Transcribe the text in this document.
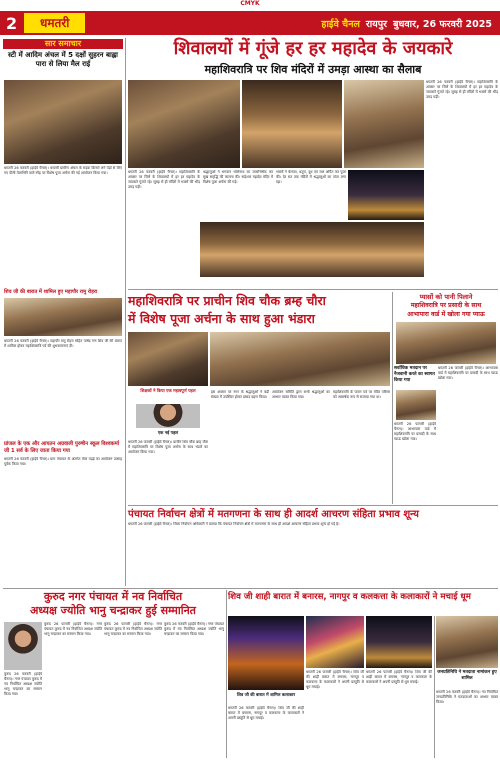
CMYK
2	धमतरी	हाईवे चैनल रायपुर बुधवार, 26 फरवरी 2025
सार समाचार
स्टी में आदिम अंचल में 5 दक्षों सुहरन बाह्ला पारा से लिया मैल राई
धमतरी 26 फरवरी (हाईवे चैनल)। धमतरी ग्रामीण अंचल के सड़क किनारे लगे पेड़ों से लिए गए पीली तेलाभिरि वाले स्नेह पर विशेष पूजा अर्चना की गई आयोजन किया गया।
शिव जी की बारात में शामिल हुए महापौर रामु रोहरा
धमतरी 26 फरवरी (हाईवे चैनल)। महापौर रामु रोहरा सहित पार्षद गण शिव जी की बारात में शामिल होकर महाशिवरात्रि पर्व की शुभकामनाएं दी।
प्रांजल के एक और आयतन अग्रवाली पुरुषीन स्कूल विश्वकर्मा जी 1 सर्व के लिए जाता किया गया
धमतरी 26 फरवरी (हाईवे चैनल)। ग्राम पंचायत के अंतर्गत मेला मढ़ई का आयोजन उत्साह पूर्वक किया गया।
शिवालयों में गूंजे हर हर महादेव के जयकारे
महाशिवरात्रि पर शिव मंदिरों में उमड़ा आस्था का सैलाब
धमतरी 26 फरवरी (हाईवे चैनल)। महाशिवरात्रि के अवसर पर जिले के शिवालयों में हर हर महादेव के जयकारे गूंजते रहे। सुबह से ही मंदिरों में भक्तों की भीड़ उमड़ पड़ी।
श्रद्धालुओं ने भगवान भोलेनाथ का जलाभिषेक कर सुख समृद्धि की कामना की। रूद्रेश्वर महादेव मंदिर में विशेष पूजा अर्चना की गई।
भक्तों ने बेलपत्र, धतूरा, दूध एवं जल अर्पित कर पूजा की। देर रात तक मंदिरों में श्रद्धालुओं का तांता लगा रहा।
धमतरी 26 फरवरी (हाईवे चैनल)। महाशिवरात्रि के अवसर पर जिले के शिवालयों में हर हर महादेव के जयकारे गूंजते रहे। सुबह से ही मंदिरों में भक्तों की भीड़ उमड़ पड़ी।
महाशिवरात्रि पर प्राचीन शिव चौक ब्रम्ह चौरा
में विशेष पूजा अर्चना के साथ हुआ भंडारा
शिक्षकों ने किया एक महत्वपूर्ण पहल
एक नई पहल
धमतरी 26 फरवरी (हाईवे चैनल)। प्राचीन शिव चौक ब्रम्ह चौरा में महाशिवरात्रि पर विशेष पूजा अर्चना के साथ भंडारे का आयोजन किया गया।
इस अवसर पर नगर के श्रद्धालुओं ने बड़ी संख्या में उपस्थित होकर प्रसाद ग्रहण किया।
आयोजन समिति द्वारा सभी श्रद्धालुओं का आभार व्यक्त किया गया।
महाशिवरात्रि के पावन पर्व पर मंदिर परिसर को आकर्षक रूप से सजाया गया था।
प्यासों को पानी पिलाने
महाशिवरात्रि पर प्रसादी के साथ
आभापारा वार्ड में खोला गया प्याऊ
सर्वाधिक मतदान पर नैजवानी करते का स्वागत किया गया
धमतरी 26 फरवरी (हाईवे चैनल)। आभापारा वार्ड में महाशिवरात्रि पर प्रसादी के साथ प्याऊ खोला गया।
धमतरी 26 फरवरी (हाईवे चैनल)। आभापारा वार्ड में महाशिवरात्रि पर प्रसादी के साथ प्याऊ खोला गया।
पंचायत निर्वाचन क्षेत्रों में मतगणना के साथ ही आदर्श आचरण संहिता प्रभाव शून्य
धमतरी 26 फरवरी (हाईवे चैनल)। जिला निर्वाचन अधिकारी ने बताया कि पंचायत निर्वाचन क्षेत्रों में मतगणना के साथ ही आदर्श आचरण संहिता प्रभाव शून्य हो गई है।
कुरुद नगर पंचायत में नव निर्वाचित
अध्यक्ष ज्योति भानु चन्द्राकर हुई सम्मानित
कुरुद 26 फरवरी (हाईवे चैनल)। नगर पंचायत कुरुद में नव निर्वाचित अध्यक्ष ज्योति भानु चन्द्राकर का सम्मान किया गया।
कुरुद 26 फरवरी (हाईवे चैनल)। नगर पंचायत कुरुद में नव निर्वाचित अध्यक्ष ज्योति भानु चन्द्राकर का सम्मान किया गया।
कुरुद 26 फरवरी (हाईवे चैनल)। नगर पंचायत कुरुद में नव निर्वाचित अध्यक्ष ज्योति भानु चन्द्राकर का सम्मान किया गया।
कुरुद 26 फरवरी (हाईवे चैनल)। नगर पंचायत कुरुद में नव निर्वाचित अध्यक्ष ज्योति भानु चन्द्राकर का सम्मान किया गया।
शिव जी शाही बारात में बनारस, नागपुर व कलकत्ता के कलाकारों ने मचाई धूम
शिव जी की बारात में शामिल कलाकार
धमतरी 26 फरवरी (हाईवे चैनल)। शिव जी की शाही बारात में बनारस, नागपुर व कलकत्ता के कलाकारों ने अपनी प्रस्तुति से धूम मचाई।
धमतरी 26 फरवरी (हाईवे चैनल)। शिव जी की शाही बारात में बनारस, नागपुर व कलकत्ता के कलाकारों ने अपनी प्रस्तुति से धूम मचाई।
धमतरी 26 फरवरी (हाईवे चैनल)। शिव जी की शाही बारात में बनारस, नागपुर व कलकत्ता के कलाकारों ने अपनी प्रस्तुति से धूम मचाई।
जनप्रतिनिधि ने मतदाता नामांकन हुए शामिल
धमतरी 26 फरवरी (हाईवे चैनल)। नव निर्वाचित जनप्रतिनिधि ने मतदाताओं का आभार व्यक्त किया।
